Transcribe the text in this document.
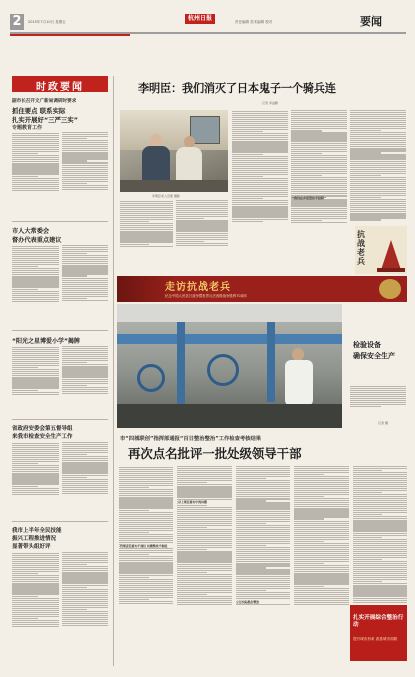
2	2015年7月10日 星期五	杭州日报	责任编辑 美术编辑 校对	要闻
时政要闻
副市长召开文广新局调研时要求
抓住要点 联系实际
扎实开展好“三严三实”
专题教育工作
市人大常委会
督办代表重点建议
“阳光之星博爱小学”揭牌
省政府安委会第五督导组
来我市检查安全生产工作
我市上半年全民技能
振兴工程推进情况
显著带头组好评
李明臣：我们消灭了日本鬼子一个骑兵连
记者 李益勤
李明臣老人近照 摄影	“我们在乡里坚决不投降”
抗战老兵
走访抗战老兵
纪念中国人民抗日战争暨世界反法西斯战争胜利70周年
检验设备
确保安全生产
记者 摄
市“四城联创”指挥部通报“百日整治整治”工作检查考核结果
再次点名批评一批处级领导干部
管理责任落实不到位 问题整改不彻底
对上项目落实中的问题
立足实际抓好整治
扎实开展综合整治行动
提升城市形象 改善城市面貌
